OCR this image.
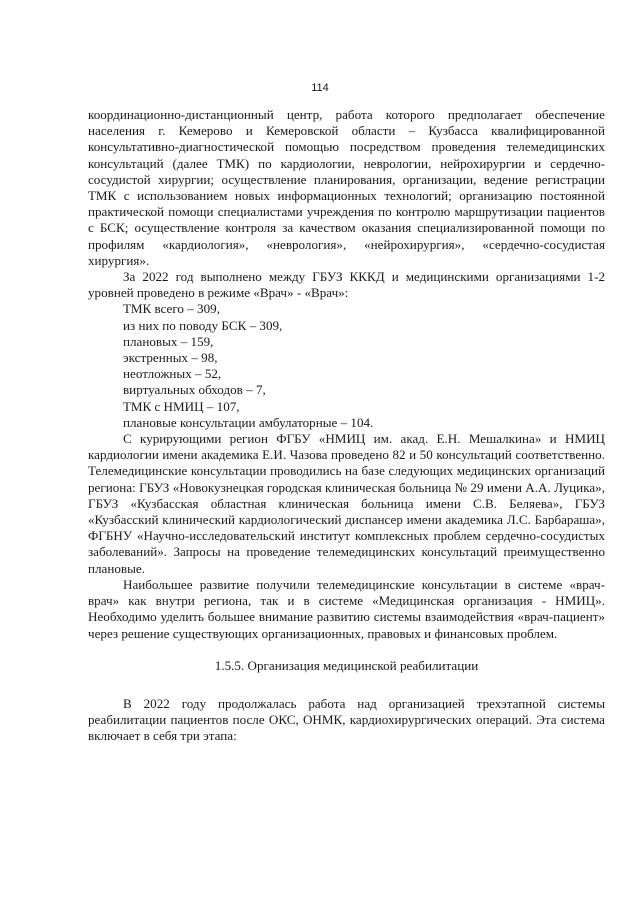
114

координационно-дистанционный центр, работа которого предполагает обеспечение населения г. Кемерово и Кемеровской области – Кузбасса квалифицированной консультативно-диагностической помощью посредством проведения телемедицинских консультаций (далее ТМК) по кардиологии, неврологии, нейрохирургии и сердечно-сосудистой хирургии; осуществление планирования, организации, ведение регистрации ТМК с использованием новых информационных технологий; организацию постоянной практической помощи специалистами учреждения по контролю маршрутизации пациентов с БСК; осуществление контроля за качеством оказания специализированной помощи по профилям «кардиология», «неврология», «нейрохирургия», «сердечно-сосудистая хирургия».

За 2022 год выполнено между ГБУЗ КККД и медицинскими организациями 1-2 уровней проведено в режиме «Врач» - «Врач»:

ТМК всего – 309,
из них по поводу БСК – 309,
плановых – 159,
экстренных – 98,
неотложных – 52,
виртуальных обходов – 7,
ТМК с НМИЦ – 107,
плановые консультации амбулаторные – 104.

С курирующими регион ФГБУ «НМИЦ им. акад. Е.Н. Мешалкина» и НМИЦ кардиологии имени академика Е.И. Чазова проведено 82 и 50 консультаций соответственно. Телемедицинские консультации проводились на базе следующих медицинских организаций региона: ГБУЗ «Новокузнецкая городская клиническая больница № 29 имени А.А. Луцика», ГБУЗ «Кузбасская областная клиническая больница имени С.В. Беляева», ГБУЗ «Кузбасский клинический кардиологический диспансер имени академика Л.С. Барбараша», ФГБНУ «Научно-исследовательский институт комплексных проблем сердечно-сосудистых заболеваний». Запросы на проведение телемедицинских консультаций преимущественно плановые.

Наибольшее развитие получили телемедицинские консультации в системе «врач-врач» как внутри региона, так и в системе «Медицинская организация - НМИЦ». Необходимо уделить большее внимание развитию системы взаимодействия «врач-пациент» через решение существующих организационных, правовых и финансовых проблем.

1.5.5. Организация медицинской реабилитации

В 2022 году продолжалась работа над организацией трехэтапной системы реабилитации пациентов после ОКС, ОНМК, кардиохирургических операций. Эта система включает в себя три этапа:
